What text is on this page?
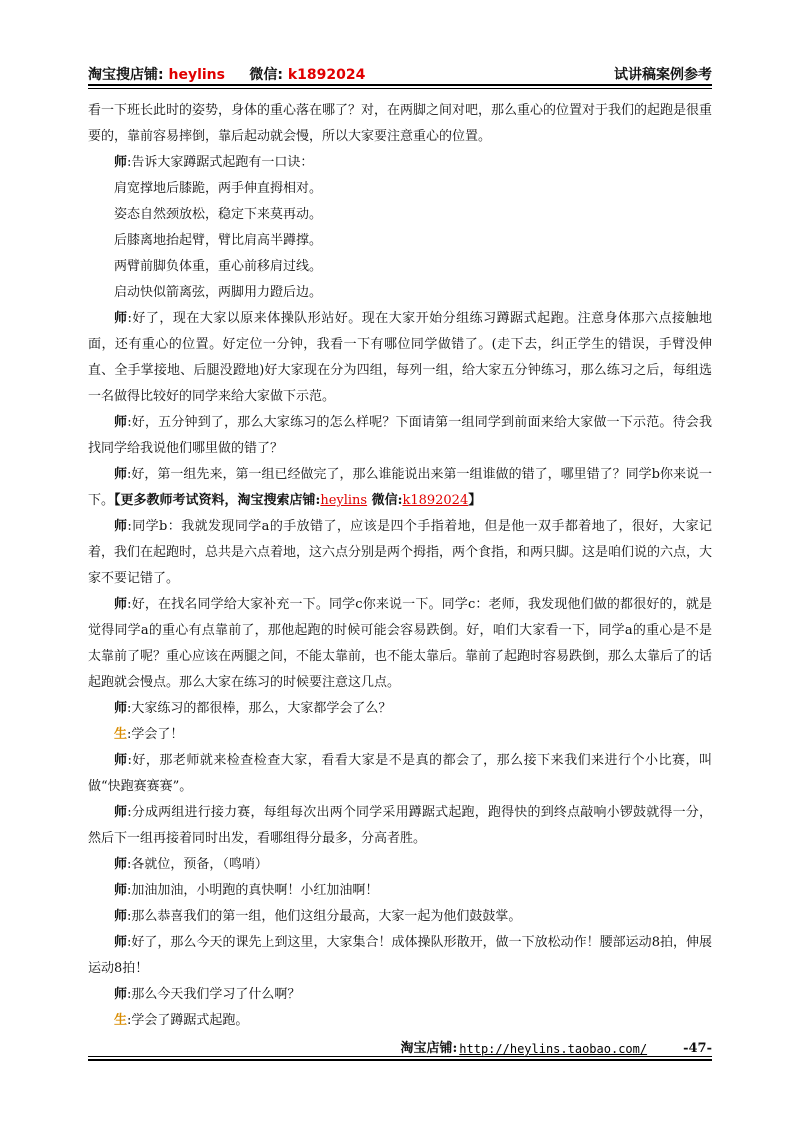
淘宝搜店铺: heylins 微信: k1892024	试讲稿案例参考

看一下班长此时的姿势，身体的重心落在哪了？对，在两脚之间对吧，那么重心的位置对于我们的起跑是很重要的，靠前容易摔倒，靠后起动就会慢，所以大家要注意重心的位置。

师:告诉大家蹲踞式起跑有一口诀：

肩宽撑地后膝跪，两手伸直拇相对。

姿态自然颈放松，稳定下来莫再动。

后膝离地抬起臂，臂比肩高半蹲撑。

两臂前脚负体重，重心前移肩过线。

启动快似箭离弦，两脚用力蹬后边。

师:好了，现在大家以原来体操队形站好。现在大家开始分组练习蹲踞式起跑。注意身体那六点接触地面，还有重心的位置。好定位一分钟，我看一下有哪位同学做错了。(走下去，纠正学生的错误，手臂没伸直、全手掌接地、后腿没蹬地)好大家现在分为四组，每列一组，给大家五分钟练习，那么练习之后，每组选一名做得比较好的同学来给大家做下示范。

师:好，五分钟到了，那么大家练习的怎么样呢？下面请第一组同学到前面来给大家做一下示范。待会我找同学给我说他们哪里做的错了？

师:好，第一组先来，第一组已经做完了，那么谁能说出来第一组谁做的错了，哪里错了？同学b你来说一下。【更多教师考试资料，淘宝搜索店铺:heylins 微信:k1892024】

师:同学b：我就发现同学a的手放错了，应该是四个手指着地，但是他一双手都着地了，很好，大家记着，我们在起跑时，总共是六点着地，这六点分别是两个拇指，两个食指，和两只脚。这是咱们说的六点，大家不要记错了。

师:好，在找名同学给大家补充一下。同学c你来说一下。同学c：老师，我发现他们做的都很好的，就是觉得同学a的重心有点靠前了，那他起跑的时候可能会容易跌倒。好，咱们大家看一下，同学a的重心是不是太靠前了呢？重心应该在两腿之间，不能太靠前，也不能太靠后。靠前了起跑时容易跌倒，那么太靠后了的话起跑就会慢点。那么大家在练习的时候要注意这几点。

师:大家练习的都很棒，那么，大家都学会了么？

生:学会了！

师:好，那老师就来检查检查大家，看看大家是不是真的都会了，那么接下来我们来进行个小比赛，叫做“快跑赛赛赛”。

师:分成两组进行接力赛，每组每次出两个同学采用蹲踞式起跑，跑得快的到终点敲响小锣鼓就得一分，然后下一组再接着同时出发，看哪组得分最多，分高者胜。

师:各就位，预备，（鸣哨）

师:加油加油，小明跑的真快啊！小红加油啊！

师:那么恭喜我们的第一组，他们这组分最高，大家一起为他们鼓鼓掌。

师:好了，那么今天的课先上到这里，大家集合！成体操队形散开，做一下放松动作！腰部运动8拍，伸展运动8拍！

师:那么今天我们学习了什么啊？

生:学会了蹲踞式起跑。

淘宝店铺: http://heylins.taobao.com/	-47-
